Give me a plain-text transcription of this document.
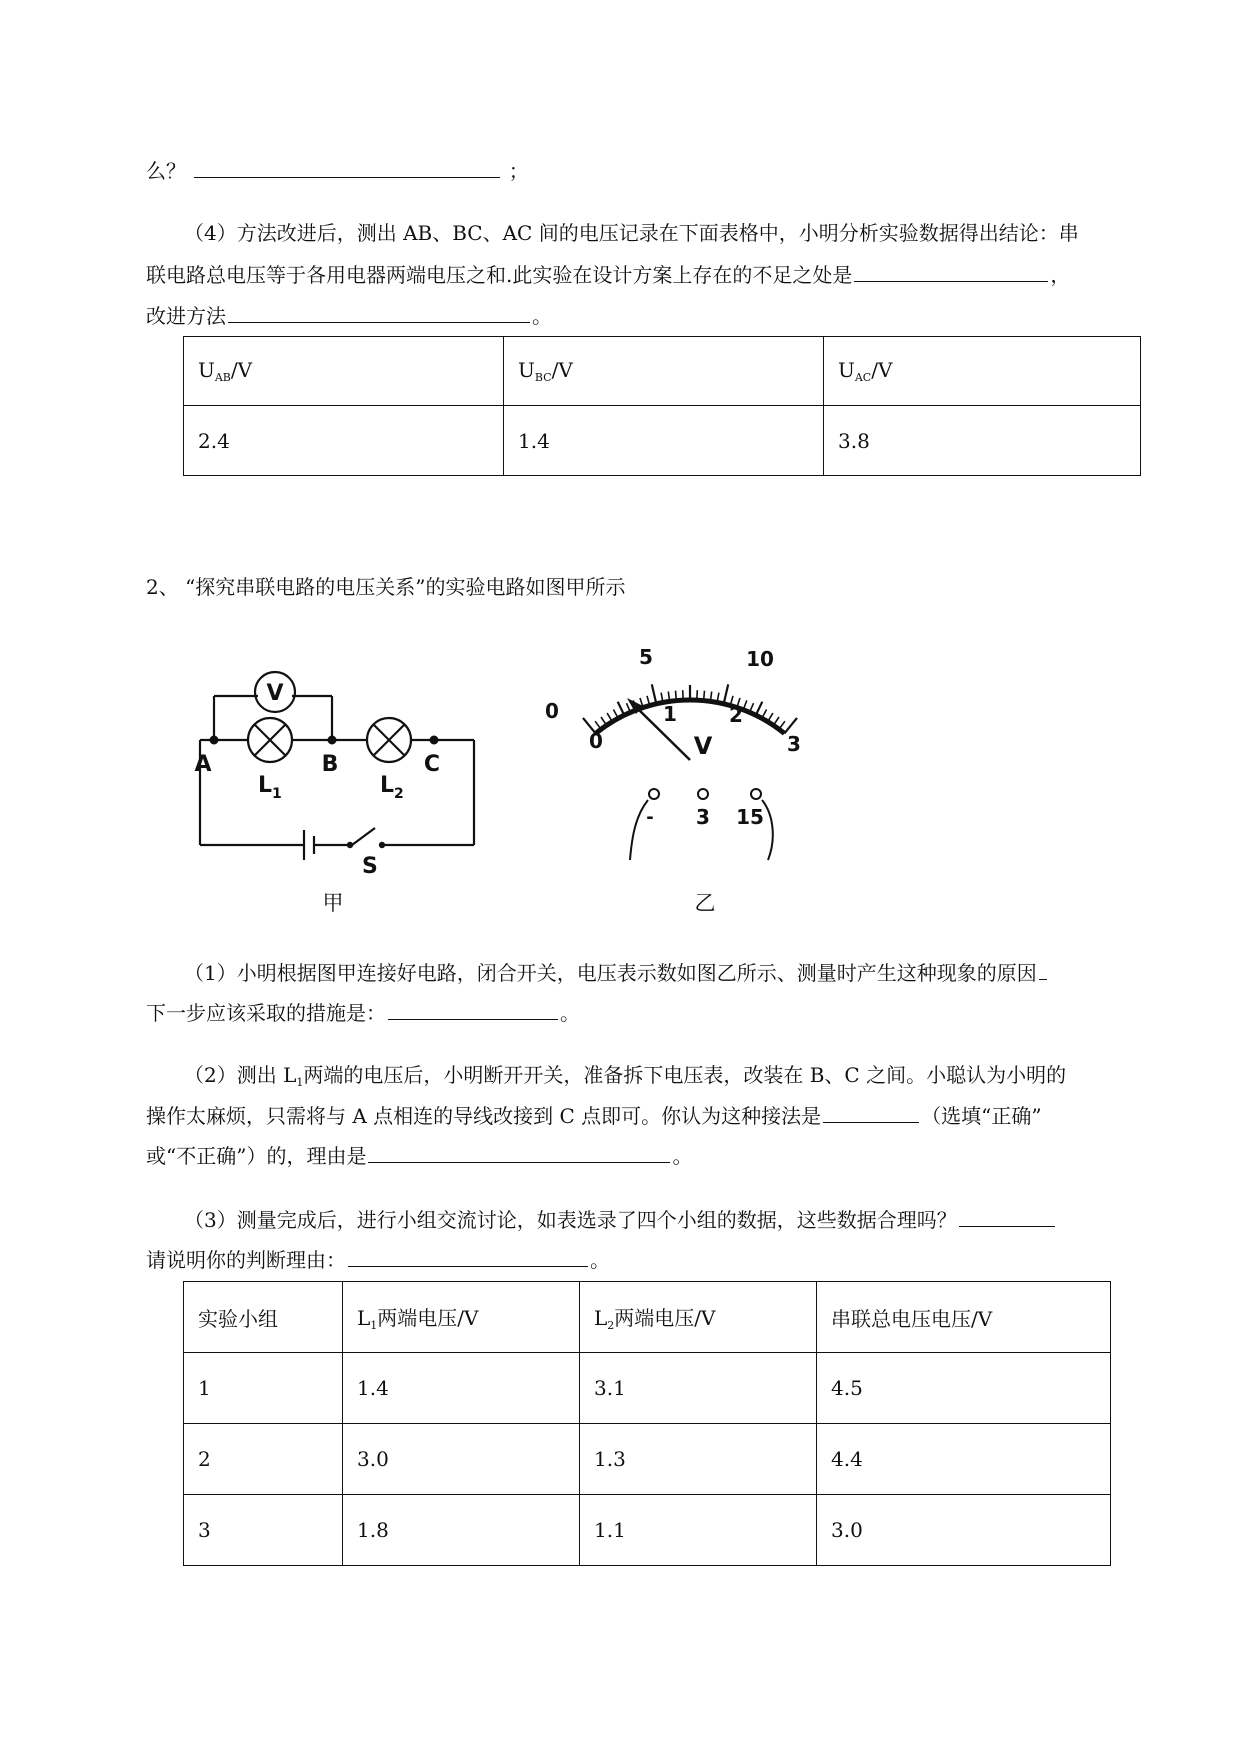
么？	；
（4）方法改进后，测出 AB、BC、AC 间的电压记录在下面表格中，小明分析实验数据得出结论：串
联电路总电压等于各用电器两端电压之和.此实验在设计方案上存在的不足之处是	，
改进方法	。
$U_{AB}/V$	$U_{BC}/V$	$U_{AC}/V$
2.4	1.4	3.8
2、 “探究串联电路的电压关系”的实验电路如图甲所示
V
A	B	C
$L_1$	$L_2$
S
甲
0
5	10
0
1	2
3
V
- 3 15
乙
（1）小明根据图甲连接好电路，闭合开关，电压表示数如图乙所示、测量时产生这种现象的原因
下一步应该采取的措施是：	。
（2）测出 $L_1$两端的电压后，小明断开开关，准备拆下电压表，改装在 B、C 之间。小聪认为小明的
操作太麻烦，只需将与 A 点相连的导线改接到 C 点即可。你认为这种接法是	（选填“正确”
或“不正确”）的，理由是	。
（3）测量完成后，进行小组交流讨论，如表选录了四个小组的数据，这些数据合理吗？
请说明你的判断理由：	。
实验小组	$L_1$两端电压/V	$L_2$两端电压/V	串联总电压电压/V
1	1.4	3.1	4.5
2	3.0	1.3	4.4
3	1.8	1.1	3.0
